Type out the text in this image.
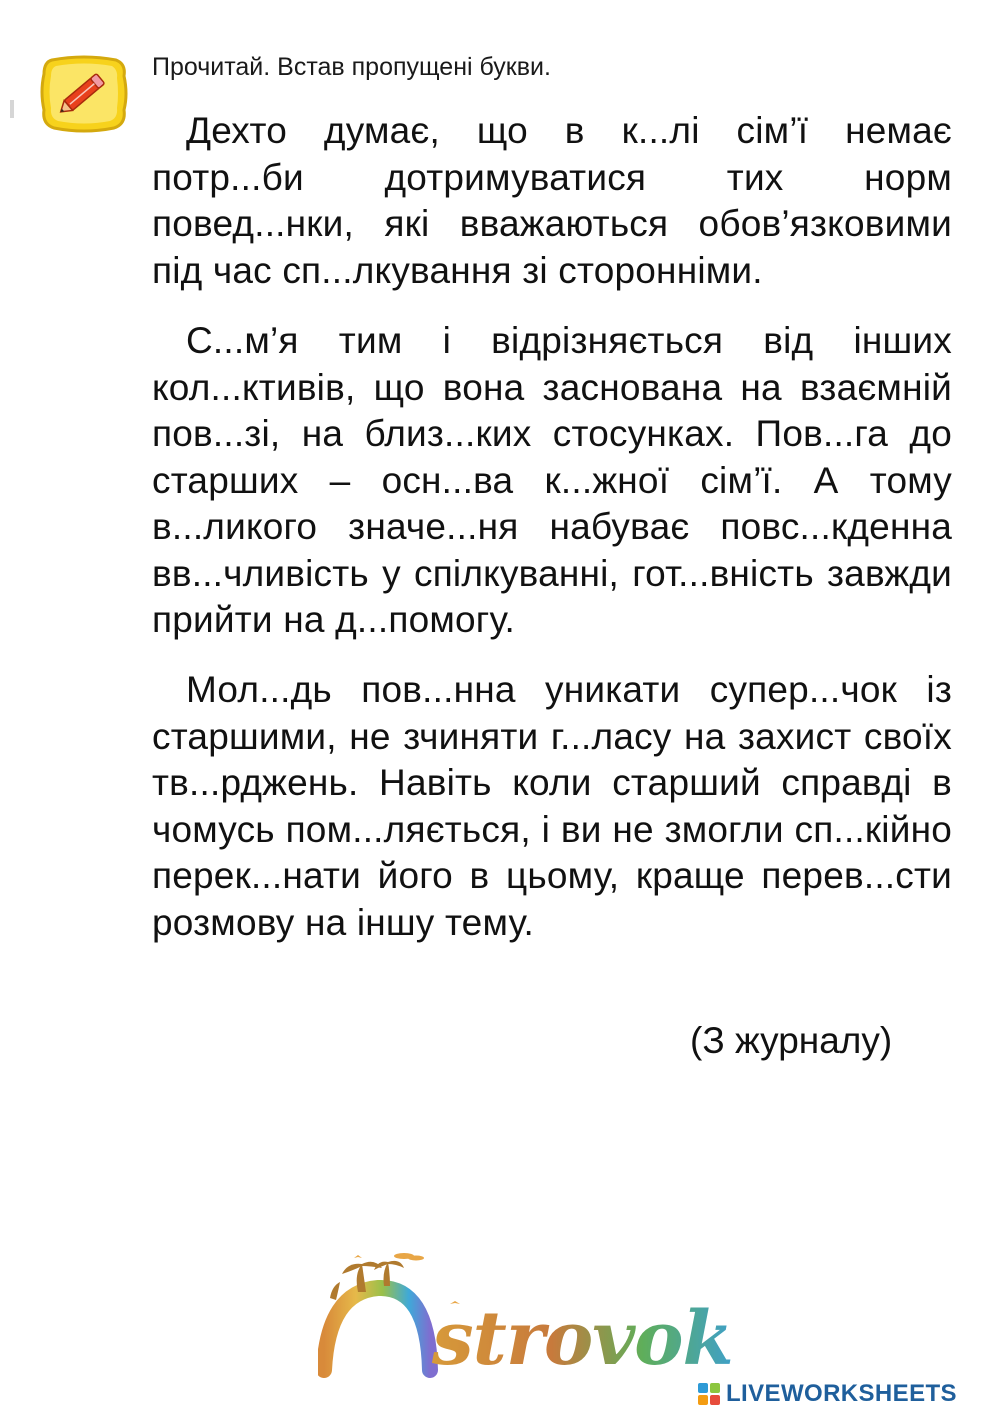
Прочитай. Встав пропущені букви.

Дехто думає, що в к...лі сім’ї немає потр...би дотримуватися тих норм повед...нки, які вважаються обов’язковими під час сп...лкування зі сторонніми.

С...м’я тим і відрізняється від інших кол...ктивів, що вона заснована на взаємній пов...зі, на близ...ких стосунках. Пов...га до старших – осн...ва к...жної сім’ї. А тому в...ликого значе...ня набуває повс...кденна вв...чливість у спілкуванні, гот...вність завжди прийти на д...помогу.

Мол...дь пов...нна уникати супер...чок із старшими, не зчиняти г...ласу на захист своїх тв...рджень. Навіть коли старший справді в чомусь пом...ляється, і ви не змогли сп...кійно перек...нати його в цьому, краще перев...сти розмову на іншу тему.

(З журналу)
strovok
LIVEWORKSHEETS
